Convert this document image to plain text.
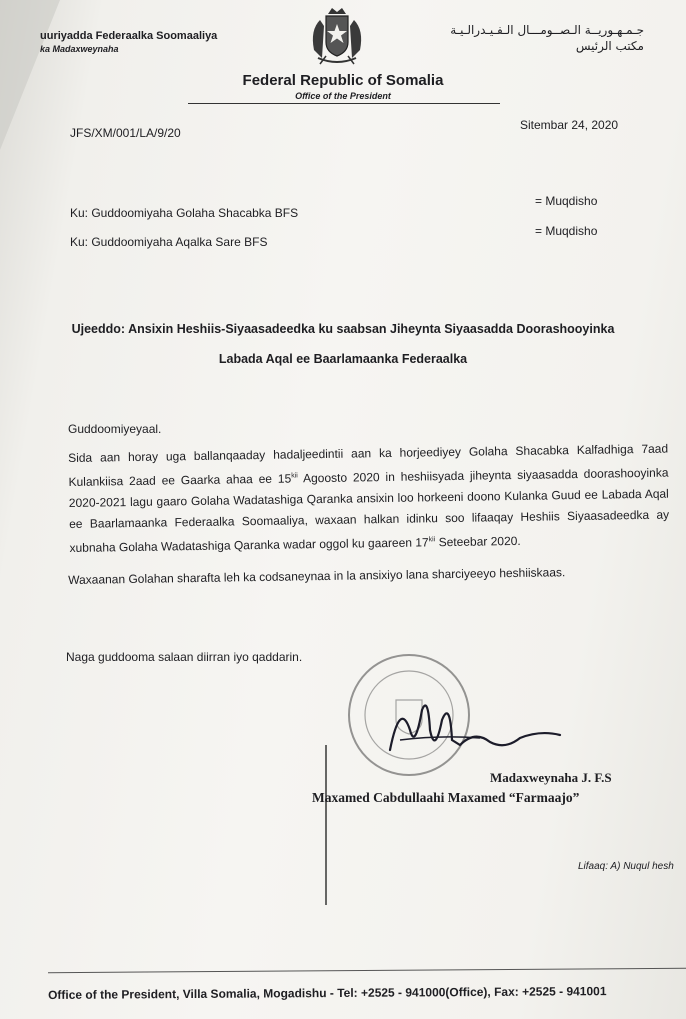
uuriyadda Federaalka Soomaaliya
ka Madaxweynaha
جـمـهـوريــة الـصــومـــال الـفـيـدرالـيـة
مكتب الرئيس
Federal Republic of Somalia
Office of the President
JFS/XM/001/LA/9/20
Sitembar 24, 2020
Ku: Guddoomiyaha Golaha Shacabka BFS
= Muqdisho
Ku: Guddoomiyaha Aqalka Sare BFS
= Muqdisho
Ujeeddo: Ansixin Heshiis-Siyaasadeedka ku saabsan Jiheynta Siyaasadda Doorashooyinka
Labada Aqal ee Baarlamaanka Federaalka
Guddoomiyeyaal.
Sida aan horay uga ballanqaaday hadaljeedintii aan ka horjeediyey Golaha Shacabka Kalfadhiga 7aad Kulankiisa 2aad ee Gaarka ahaa ee $15^{kii}$ Agoosto 2020 in heshiisyada jiheynta siyaasadda doorashooyinka 2020-2021 lagu gaaro Golaha Wadatashiga Qaranka ansixin loo horkeeni doono Kulanka Guud ee Labada Aqal ee Baarlamaanka Federaalka Soomaaliya, waxaan halkan idinku soo lifaaqay Heshiis Siyaasadeedka ay xubnaha Golaha Wadatashiga Qaranka wadar oggol ku gaareen $17^{kii}$ Seteebar 2020.
Waxaanan Golahan sharafta leh ka codsaneynaa in la ansixiyo lana sharciyeeyo heshiiskaas.
Naga guddooma salaan diirran iyo qaddarin.
Madaxweynaha J. F.S
Maxamed Cabdullaahi Maxamed “Farmaajo”
Lifaaq: A) Nuqul hesh
Office of the President, Villa Somalia, Mogadishu - Tel: +2525 - 941000(Office), Fax: +2525 - 941001
